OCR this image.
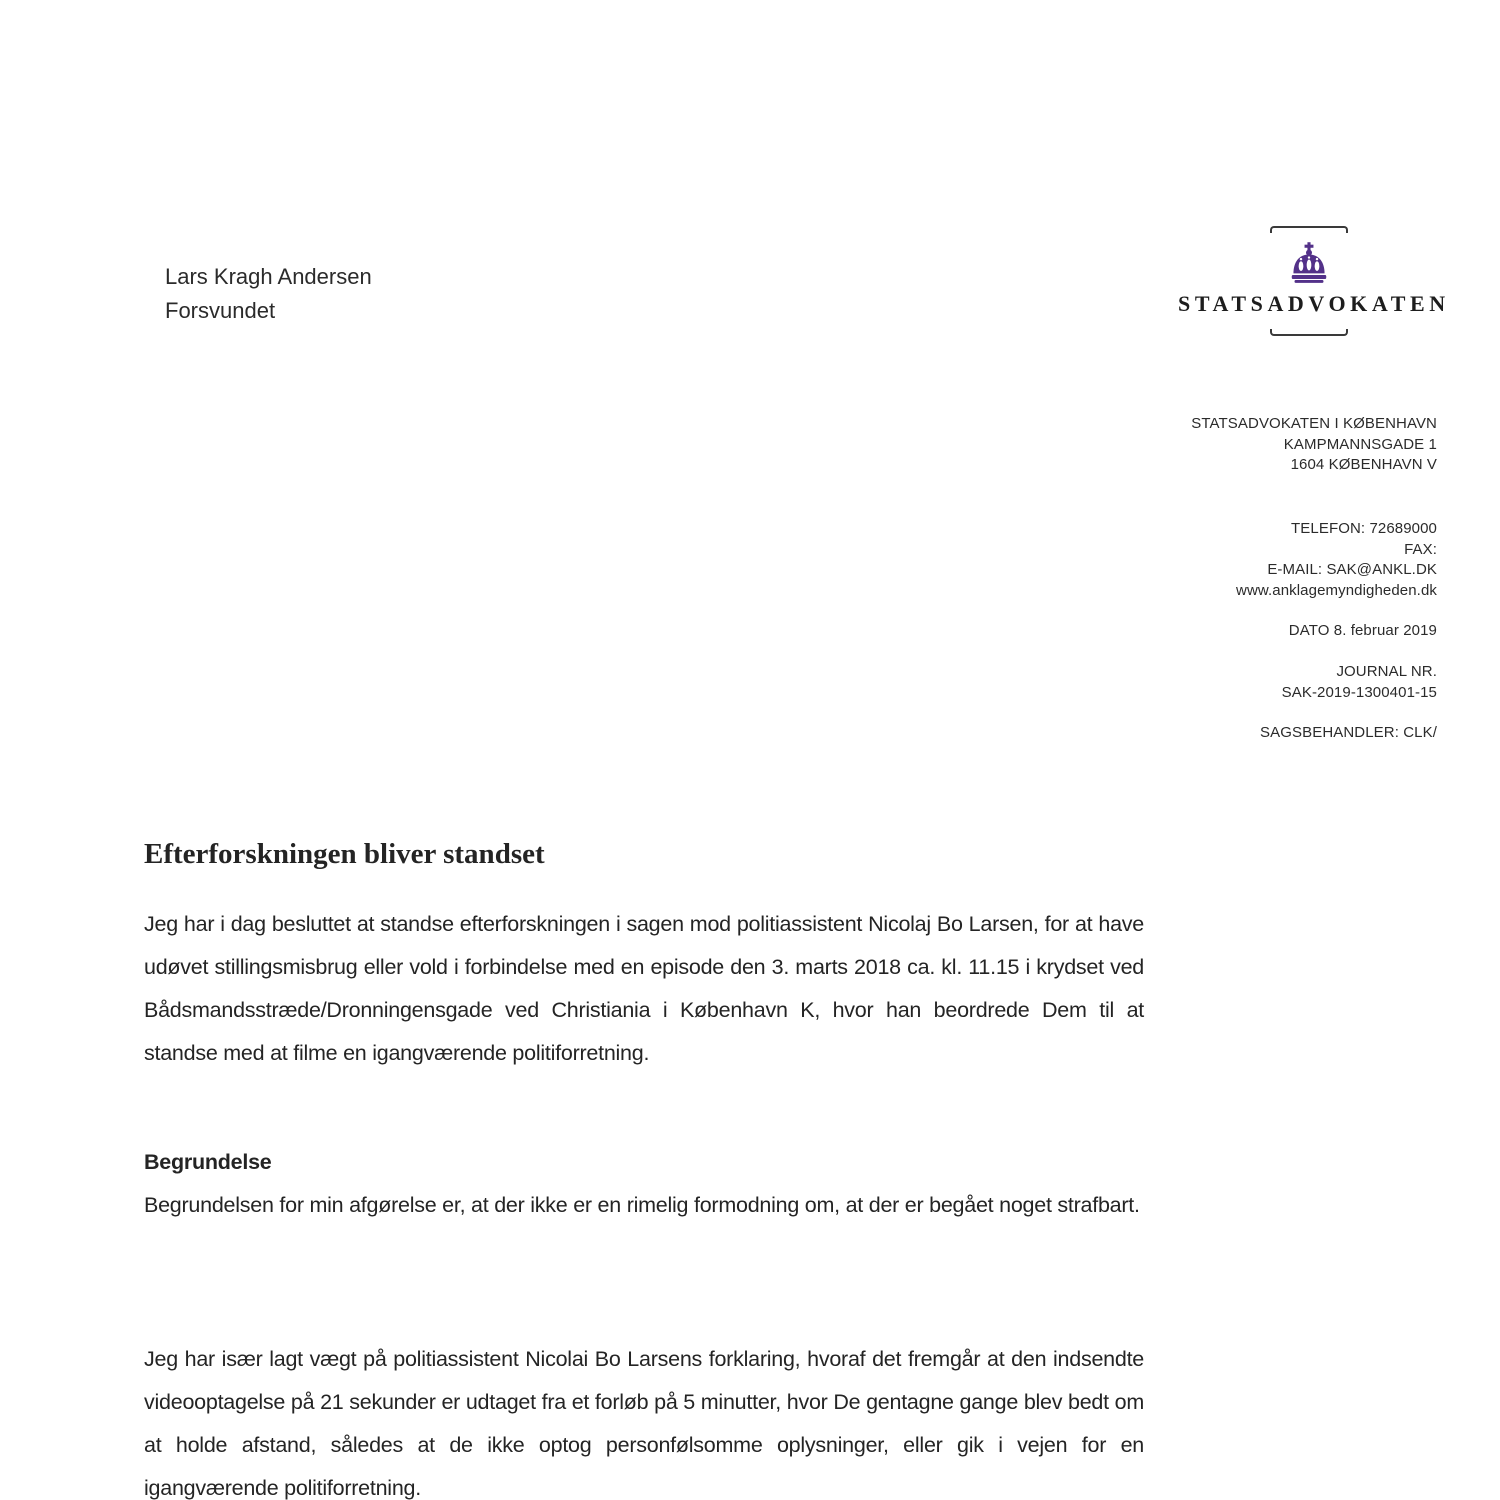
Lars Kragh Andersen
Forsvundet	STATSADVOKATEN
STATSADVOKATEN I KØBENHAVN
KAMPMANNSGADE 1
1604 KØBENHAVN V
TELEFON: 72689000
FAX:
E-MAIL: SAK@ANKL.DK
www.anklagemyndigheden.dk
DATO 8. februar 2019
JOURNAL NR.
SAK-2019-1300401-15
SAGSBEHANDLER: CLK/
Efterforskningen bliver standset

Jeg har i dag besluttet at standse efterforskningen i sagen mod politiassistent Nicolaj Bo Larsen, for at have udøvet stillingsmisbrug eller vold i forbindelse med en episode den 3. marts 2018 ca. kl. 11.15 i krydset ved Bådsmandsstræde/Dronningensgade ved Christiania i København K, hvor han beordrede Dem til at standse med at filme en igangværende politiforretning.

Begrundelse
Begrundelsen for min afgørelse er, at der ikke er en rimelig formodning om, at der er begået noget strafbart.

Jeg har især lagt vægt på politiassistent Nicolai Bo Larsens forklaring, hvoraf det fremgår at den indsendte videooptagelse på 21 sekunder er udtaget fra et forløb på 5 minutter, hvor De gentagne gange blev bedt om at holde afstand, således at de ikke optog personfølsomme oplysninger, eller gik i vejen for en igangværende politiforretning.
